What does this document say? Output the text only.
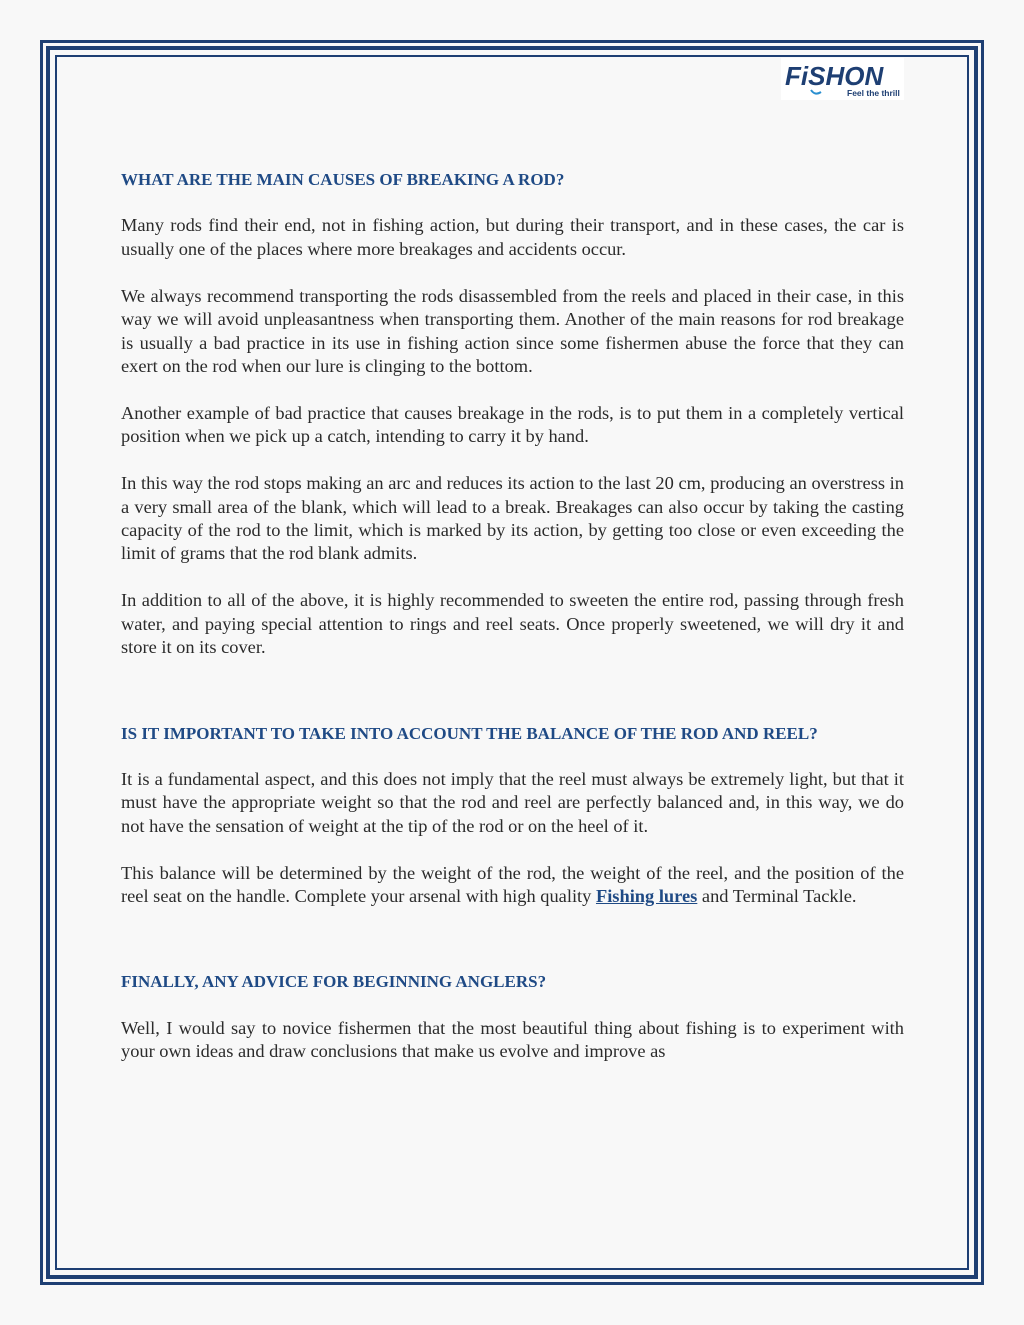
FiSHON
Feel the thrill
WHAT ARE THE MAIN CAUSES OF BREAKING A ROD?

Many rods find their end, not in fishing action, but during their transport, and in these cases, the car is usually one of the places where more breakages and accidents occur.

We always recommend transporting the rods disassembled from the reels and placed in their case, in this way we will avoid unpleasantness when transporting them. Another of the main reasons for rod breakage is usually a bad practice in its use in fishing action since some fishermen abuse the force that they can exert on the rod when our lure is clinging to the bottom.

Another example of bad practice that causes breakage in the rods, is to put them in a completely vertical position when we pick up a catch, intending to carry it by hand.

In this way the rod stops making an arc and reduces its action to the last 20 cm, producing an overstress in a very small area of the blank, which will lead to a break. Breakages can also occur by taking the casting capacity of the rod to the limit, which is marked by its action, by getting too close or even exceeding the limit of grams that the rod blank admits.

In addition to all of the above, it is highly recommended to sweeten the entire rod, passing through fresh water, and paying special attention to rings and reel seats. Once properly sweetened, we will dry it and store it on its cover.

IS IT IMPORTANT TO TAKE INTO ACCOUNT THE BALANCE OF THE ROD AND REEL?

It is a fundamental aspect, and this does not imply that the reel must always be extremely light, but that it must have the appropriate weight so that the rod and reel are perfectly balanced and, in this way, we do not have the sensation of weight at the tip of the rod or on the heel of it.

This balance will be determined by the weight of the rod, the weight of the reel, and the position of the reel seat on the handle. Complete your arsenal with high quality Fishing lures and Terminal Tackle.

FINALLY, ANY ADVICE FOR BEGINNING ANGLERS?

Well, I would say to novice fishermen that the most beautiful thing about fishing is to experiment with your own ideas and draw conclusions that make us evolve and improve as
